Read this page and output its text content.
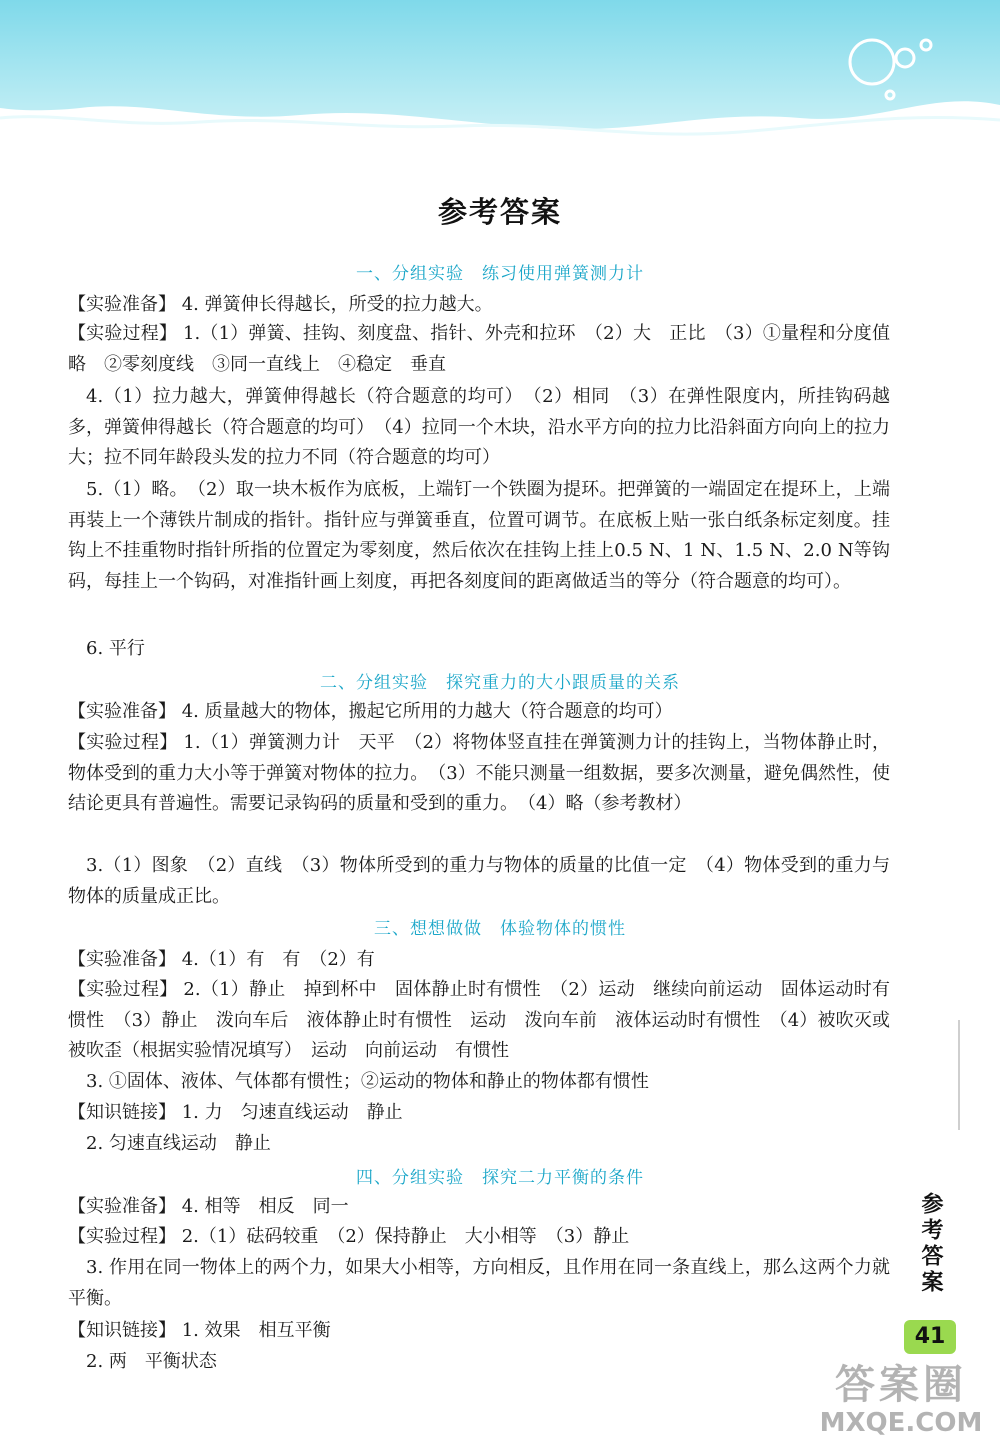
参考答案
一、分组实验　练习使用弹簧测力计

【实验准备】 4. 弹簧伸长得越长，所受的拉力越大。

【实验过程】 1.（1）弹簧、挂钩、刻度盘、指针、外壳和拉环　（2）大　正比　（3）①量程和分度值　略　②零刻度线　③同一直线上　④稳定　垂直

4.（1）拉力越大，弹簧伸得越长（符合题意的均可）　（2）相同　（3）在弹性限度内，所挂钩码越多，弹簧伸得越长（符合题意的均可）　（4）拉同一个木块，沿水平方向的拉力比沿斜面方向向上的拉力大；拉不同年龄段头发的拉力不同（符合题意的均可）

5.（1）略。　（2）取一块木板作为底板，上端钉一个铁圈为提环。把弹簧的一端固定在提环上，上端再装上一个薄铁片制成的指针。指针应与弹簧垂直，位置可调节。在底板上贴一张白纸条标定刻度。挂钩上不挂重物时指针所指的位置定为零刻度，然后依次在挂钩上挂上0.5 N、1 N、1.5 N、2.0 N等钩码，每挂上一个钩码，对准指针画上刻度，再把各刻度间的距离做适当的等分（符合题意的均可）。

6. 平行

二、分组实验　探究重力的大小跟质量的关系

【实验准备】 4. 质量越大的物体，搬起它所用的力越大（符合题意的均可）

【实验过程】 1.（1）弹簧测力计　天平　（2）将物体竖直挂在弹簧测力计的挂钩上，当物体静止时，物体受到的重力大小等于弹簧对物体的拉力。　（3）不能只测量一组数据，要多次测量，避免偶然性，使结论更具有普遍性。需要记录钩码的质量和受到的重力。　（4）略（参考教材）

3.（1）图象　（2）直线　（3）物体所受到的重力与物体的质量的比值一定　（4）物体受到的重力与物体的质量成正比。

三、想想做做　体验物体的惯性

【实验准备】 4.（1）有　有　（2）有

【实验过程】 2.（1）静止　掉到杯中　固体静止时有惯性　（2）运动　继续向前运动　固体运动时有惯性　（3）静止　泼向车后　液体静止时有惯性　运动　泼向车前　液体运动时有惯性　（4）被吹灭或被吹歪（根据实验情况填写）　运动　向前运动　有惯性

3. ①固体、液体、气体都有惯性；②运动的物体和静止的物体都有惯性

【知识链接】 1. 力　匀速直线运动　静止

2. 匀速直线运动　静止

四、分组实验　探究二力平衡的条件

【实验准备】 4. 相等　相反　同一

【实验过程】 2.（1）砝码较重　（2）保持静止　大小相等　（3）静止

3. 作用在同一物体上的两个力，如果大小相等，方向相反，且作用在同一条直线上，那么这两个力就平衡。

【知识链接】 1. 效果　相互平衡

2. 两　平衡状态

参考答案
41
答案圈
MXQE.COM
